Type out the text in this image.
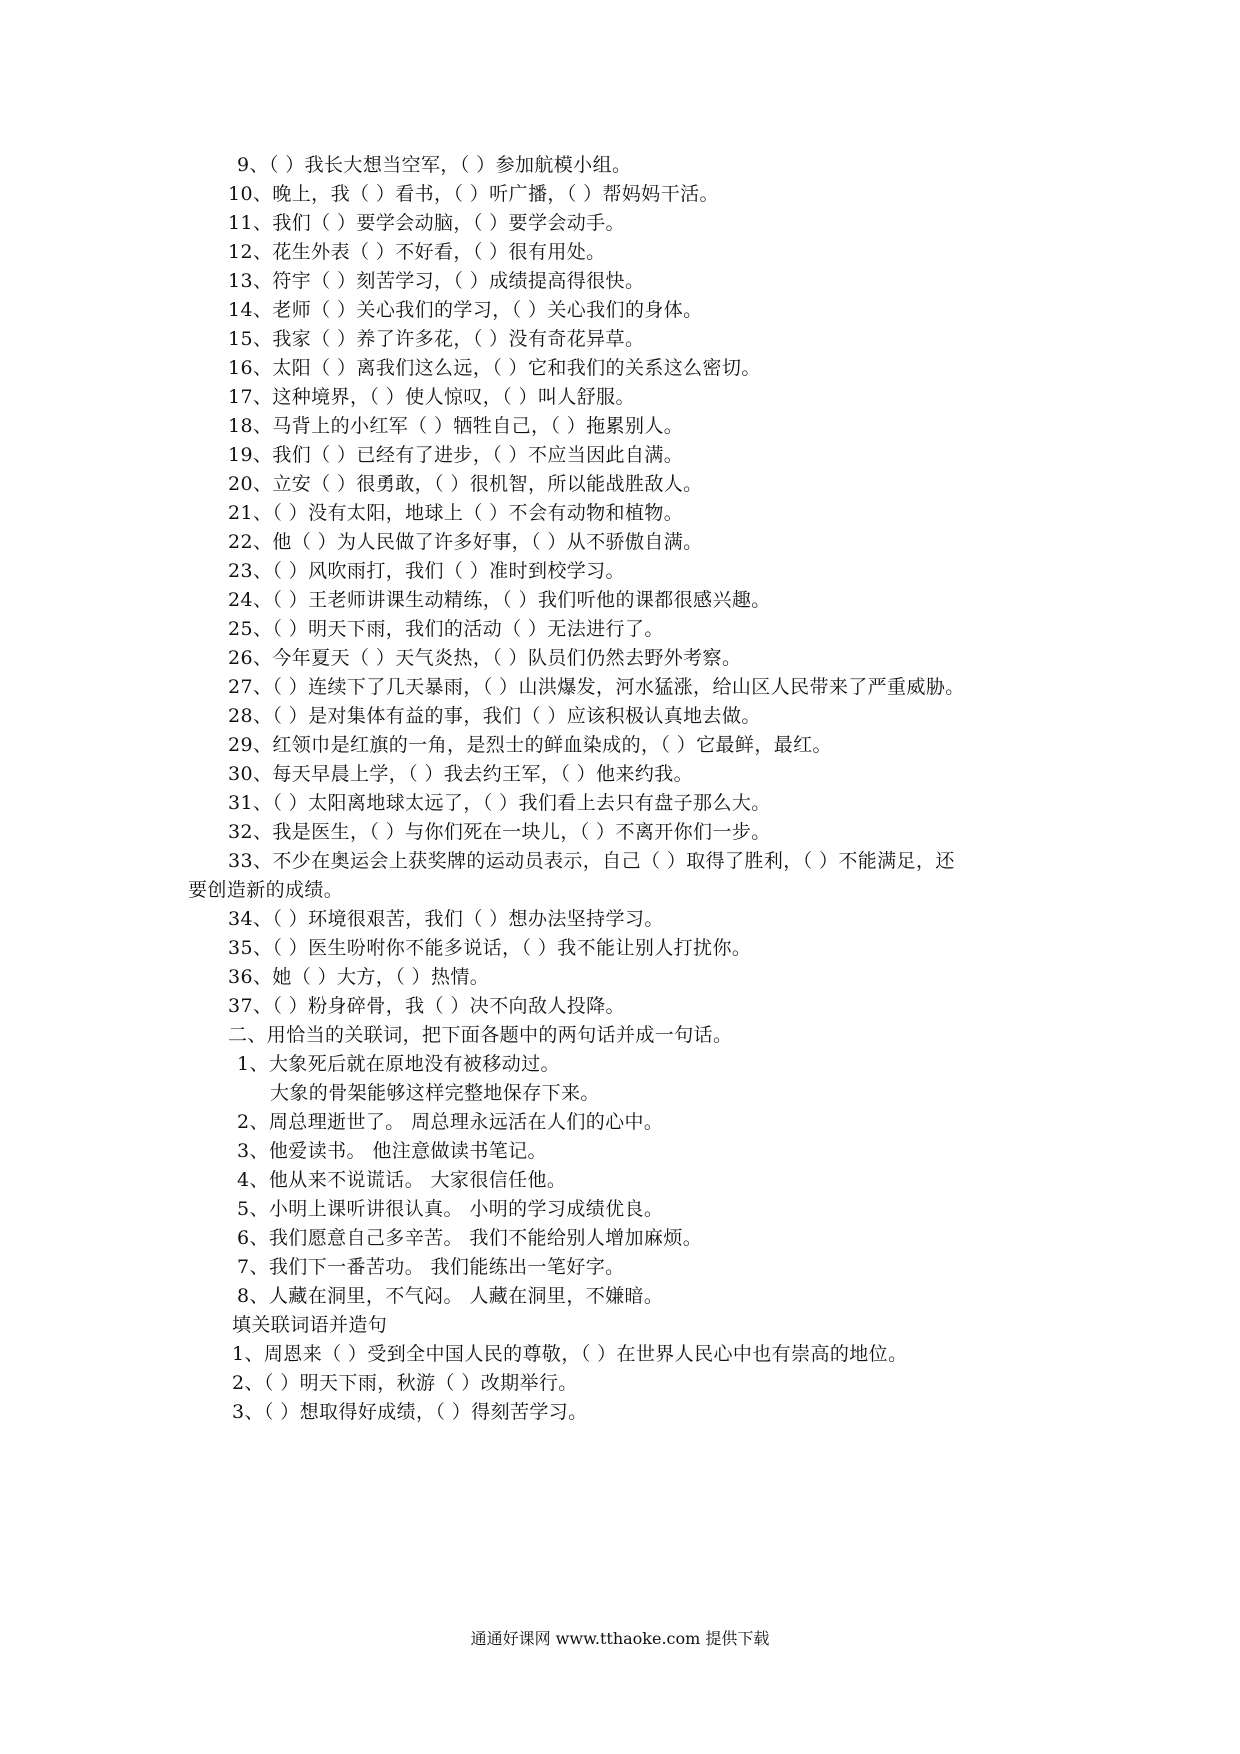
9、（ ）我长大想当空军，（ ）参加航模小组。
10、晚上，我（ ）看书，（ ）听广播，（ ）帮妈妈干活。
11、我们（ ）要学会动脑，（ ）要学会动手。
12、花生外表（ ）不好看，（ ）很有用处。
13、符宇（ ）刻苦学习，（ ）成绩提高得很快。
14、老师（ ）关心我们的学习，（ ）关心我们的身体。
15、我家（ ）养了许多花，（ ）没有奇花异草。
16、太阳（ ）离我们这么远，（ ）它和我们的关系这么密切。
17、这种境界，（ ）使人惊叹，（ ）叫人舒服。
18、马背上的小红军（ ）牺牲自己，（ ）拖累别人。
19、我们（ ）已经有了进步，（ ）不应当因此自满。
20、立安（ ）很勇敢，（ ）很机智，所以能战胜敌人。
21、（ ）没有太阳，地球上（ ）不会有动物和植物。
22、他（ ）为人民做了许多好事，（ ）从不骄傲自满。
23、（ ）风吹雨打，我们（ ）准时到校学习。
24、（ ）王老师讲课生动精练，（ ）我们听他的课都很感兴趣。
25、（ ）明天下雨，我们的活动（ ）无法进行了。
26、今年夏天（ ）天气炎热，（ ）队员们仍然去野外考察。
27、（ ）连续下了几天暴雨，（ ）山洪爆发，河水猛涨，给山区人民带来了严重威胁。
28、（ ）是对集体有益的事，我们（ ）应该积极认真地去做。
29、红领巾是红旗的一角，是烈士的鲜血染成的，（ ）它最鲜，最红。
30、每天早晨上学，（ ）我去约王军，（ ）他来约我。
31、（ ）太阳离地球太远了，（ ）我们看上去只有盘子那么大。
32、我是医生，（ ）与你们死在一块儿，（ ）不离开你们一步。
33、不少在奥运会上获奖牌的运动员表示，自己（ ）取得了胜利，（ ）不能满足，还
要创造新的成绩。
34、（ ）环境很艰苦，我们（ ）想办法坚持学习。
35、（ ）医生吩咐你不能多说话，（ ）我不能让别人打扰你。
36、她（ ）大方，（ ）热情。
37、（ ）粉身碎骨，我（ ）决不向敌人投降。
二、用恰当的关联词，把下面各题中的两句话并成一句话。
1、大象死后就在原地没有被移动过。
大象的骨架能够这样完整地保存下来。
2、周总理逝世了。 周总理永远活在人们的心中。
3、他爱读书。 他注意做读书笔记。
4、他从来不说谎话。 大家很信任他。
5、小明上课听讲很认真。 小明的学习成绩优良。
6、我们愿意自己多辛苦。 我们不能给别人增加麻烦。
7、我们下一番苦功。 我们能练出一笔好字。
8、人藏在洞里，不气闷。 人藏在洞里，不嫌暗。
填关联词语并造句
1、周恩来（ ）受到全中国人民的尊敬，（ ）在世界人民心中也有崇高的地位。
2、（ ）明天下雨，秋游（ ）改期举行。
3、（ ）想取得好成绩，（ ）得刻苦学习。
通通好课网 www.tthaoke.com 提供下载
